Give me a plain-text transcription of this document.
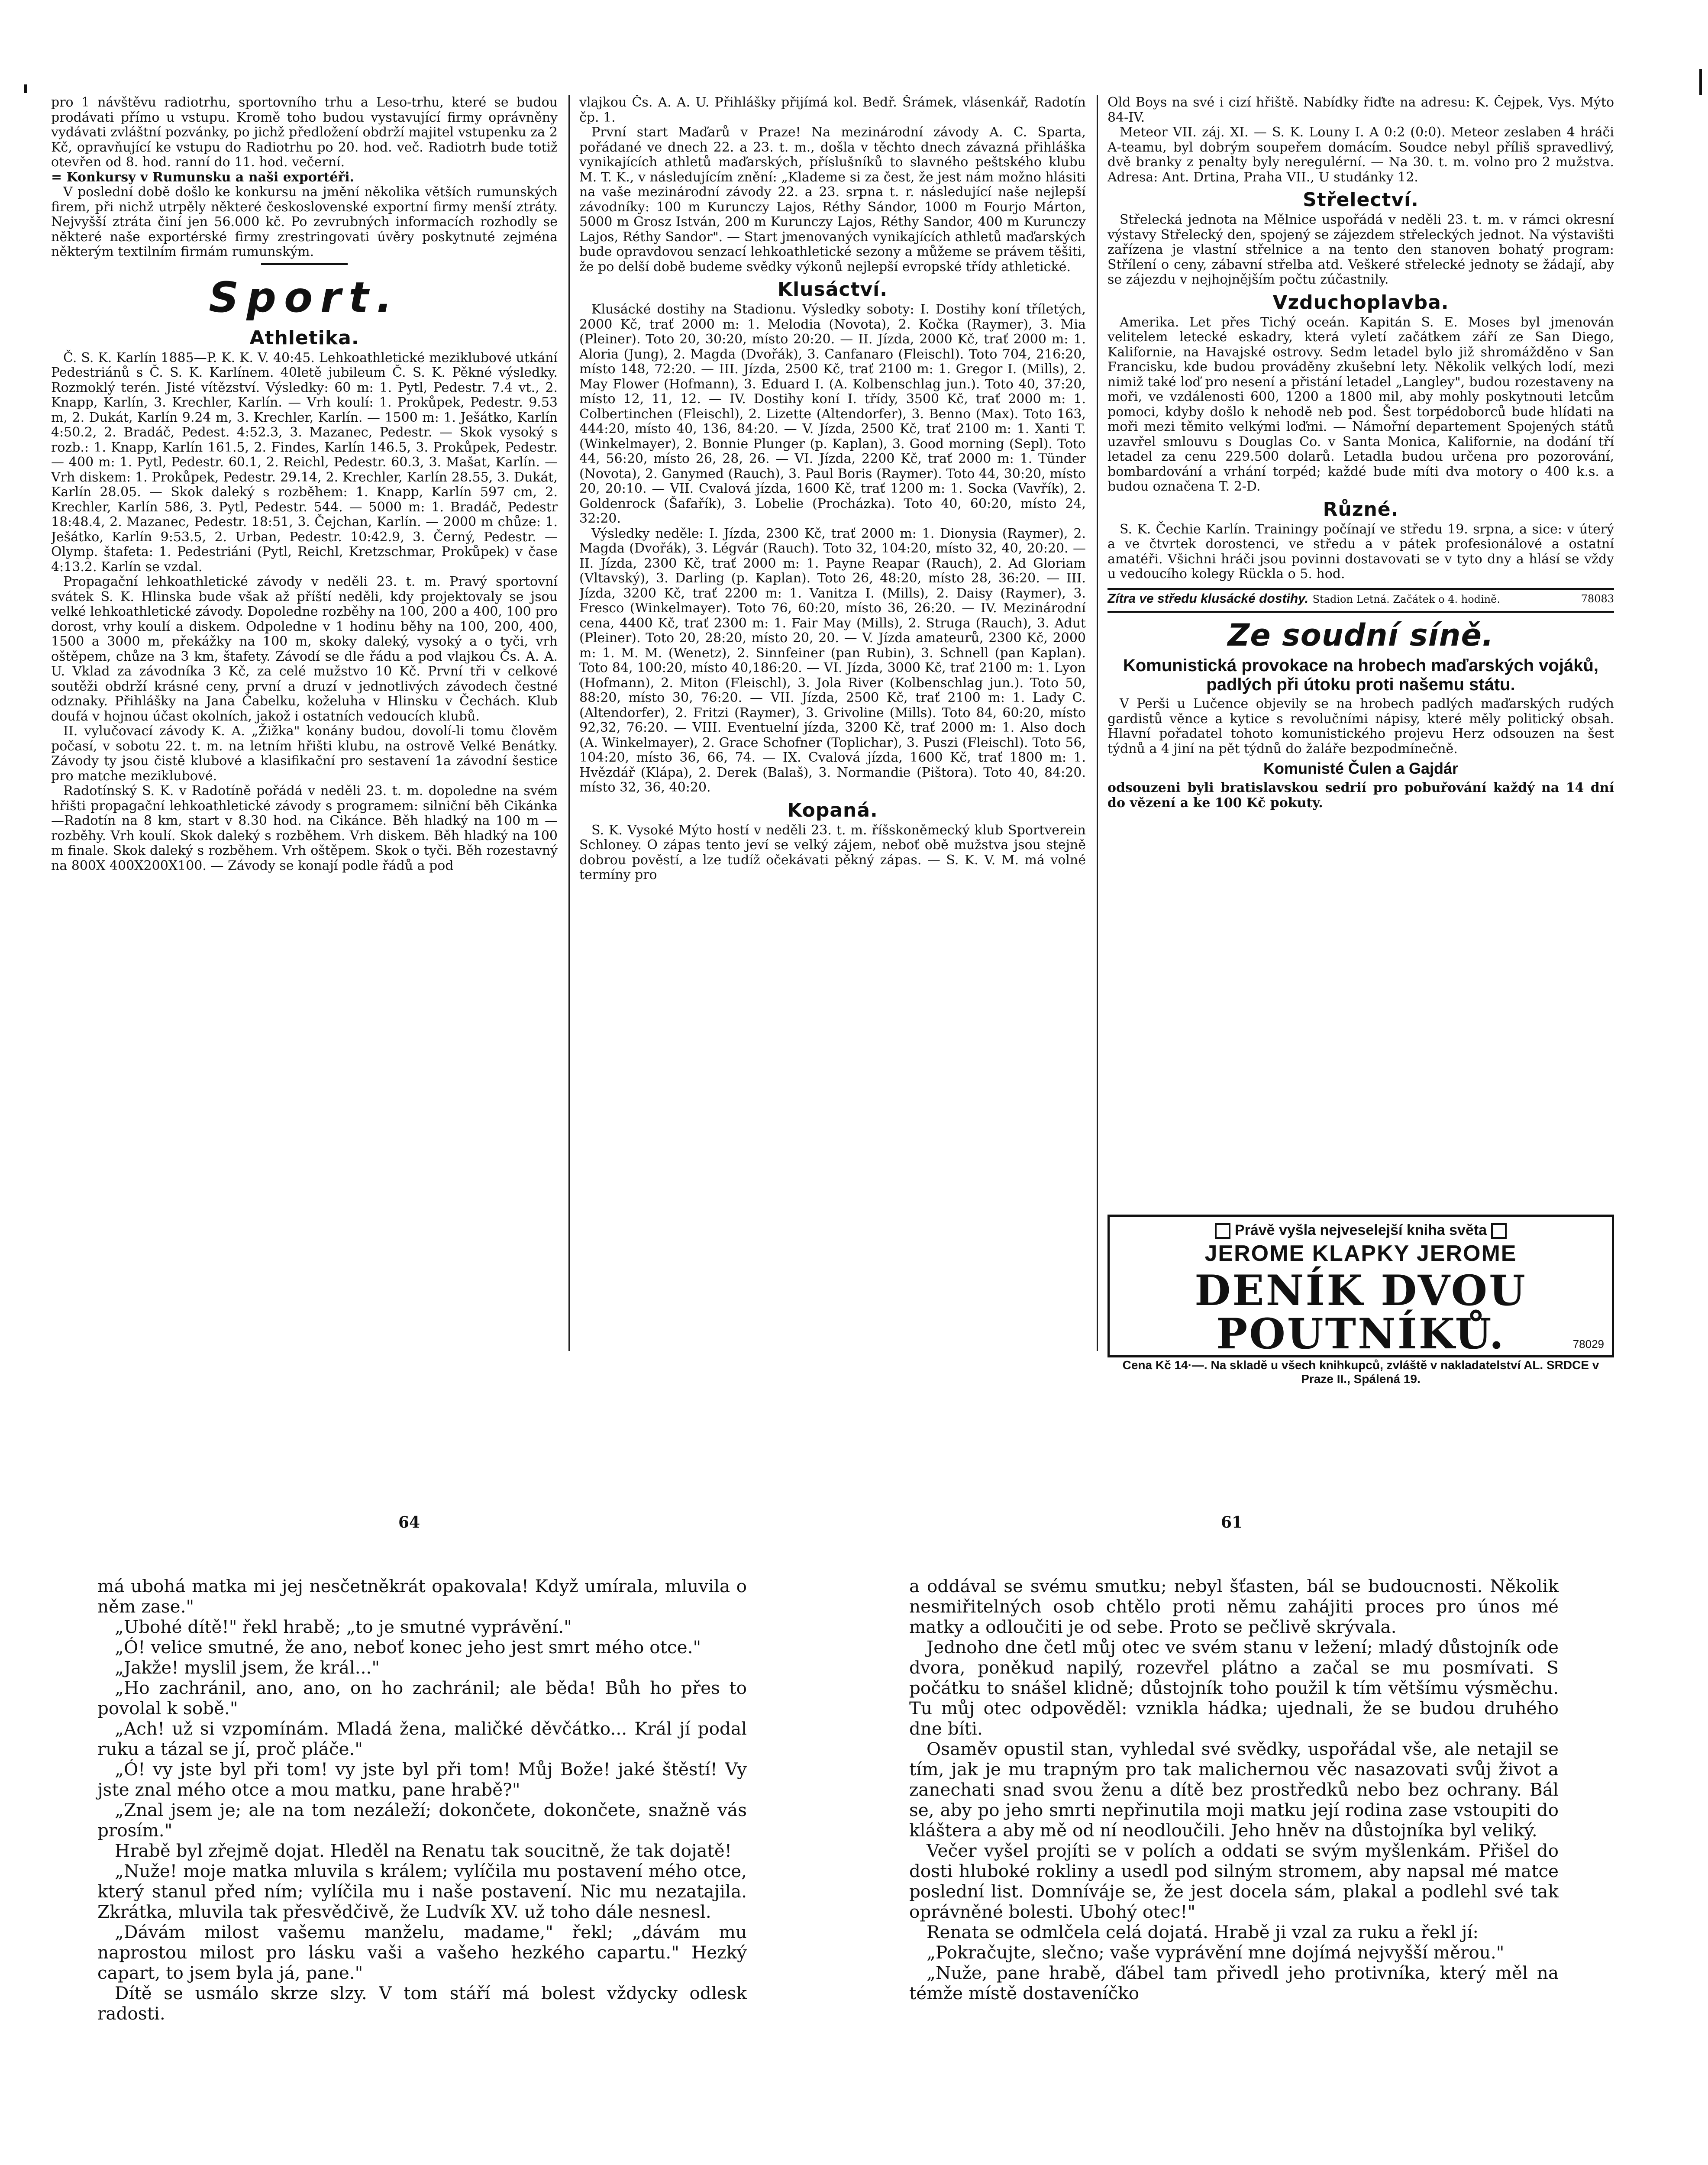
pro 1 návštěvu radiotrhu, sportovního trhu a Leso-trhu, které se budou prodávati přímo u vstupu. Kromě toho budou vystavující firmy oprávněny vydávati zvláštní pozvánky, po jichž předložení obdrží majitel vstupenku za 2 Kč, opravňující ke vstupu do Radiotrhu po 20. hod. več. Radiotrh bude totiž otevřen od 8. hod. ranní do 11. hod. večerní.

= Konkursy v Rumunsku a naši exportéři.

V poslední době došlo ke konkursu na jmění několika větších rumunských firem, při nichž utrpěly některé československé exportní firmy menší ztráty. Nejvyšší ztráta činí jen 56.000 kč. Po zevrubných informacích rozhodly se některé naše exportérské firmy zrestringovati úvěry poskytnuté zejména některým textilním firmám rumunským.

Sport.
Athletika.

Č. S. K. Karlín 1885—P. K. K. V. 40:45. Lehkoathletické meziklubové utkání Pedestriánů s Č. S. K. Karlínem. 40letě jubileum Č. S. K. Pěkné výsledky. Rozmoklý terén. Jisté vítězství. Výsledky: 60 m: 1. Pytl, Pedestr. 7.4 vt., 2. Knapp, Karlín, 3. Krechler, Karlín. — Vrh koulí: 1. Prokůpek, Pedestr. 9.53 m, 2. Dukát, Karlín 9.24 m, 3. Krechler, Karlín. — 1500 m: 1. Ješátko, Karlín 4:50.2, 2. Bradáč, Pedest. 4:52.3, 3. Mazanec, Pedestr. — Skok vysoký s rozb.: 1. Knapp, Karlín 161.5, 2. Findes, Karlín 146.5, 3. Prokůpek, Pedestr. — 400 m: 1. Pytl, Pedestr. 60.1, 2. Reichl, Pedestr. 60.3, 3. Mašat, Karlín. — Vrh diskem: 1. Prokůpek, Pedestr. 29.14, 2. Krechler, Karlín 28.55, 3. Dukát, Karlín 28.05. — Skok daleký s rozběhem: 1. Knapp, Karlín 597 cm, 2. Krechler, Karlín 586, 3. Pytl, Pedestr. 544. — 5000 m: 1. Bradáč, Pedestr 18:48.4, 2. Mazanec, Pedestr. 18:51, 3. Čejchan, Karlín. — 2000 m chůze: 1. Ješátko, Karlín 9:53.5, 2. Urban, Pedestr. 10:42.9, 3. Černý, Pedestr. — Olymp. štafeta: 1. Pedestriáni (Pytl, Reichl, Kretzschmar, Prokůpek) v čase 4:13.2. Karlín se vzdal.

Propagační lehkoathletické závody v neděli 23. t. m. Pravý sportovní svátek S. K. Hlinska bude však až příští neděli, kdy projektovaly se jsou velké lehkoathletické závody. Dopoledne rozběhy na 100, 200 a 400, 100 pro dorost, vrhy koulí a diskem. Odpoledne v 1 hodinu běhy na 100, 200, 400, 1500 a 3000 m, překážky na 100 m, skoky daleký, vysoký a o tyči, vrh oštěpem, chůze na 3 km, štafety. Závodí se dle řádu a pod vlajkou Čs. A. A. U. Vklad za závodníka 3 Kč, za celé mužstvo 10 Kč. První tři v celkové soutěži obdrží krásné ceny, první a druzí v jednotlivých závodech čestné odznaky. Přihlášky na Jana Čabelku, koželuha v Hlinsku v Čechách. Klub doufá v hojnou účast okolních, jakož i ostatních vedoucích klubů.

II. vylučovací závody K. A. „Žižka" konány budou, dovolí-li tomu člověm počasí, v sobotu 22. t. m. na letním hřišti klubu, na ostrově Velké Benátky. Závody ty jsou čistě klubové a klasifikační pro sestavení 1a závodní šestice pro matche meziklubové.

Radotínský S. K. v Radotíně pořádá v neděli 23. t. m. dopoledne na svém hřišti propagační lehkoathletické závody s programem: silniční běh Cikánka—Radotín na 8 km, start v 8.30 hod. na Cikánce. Běh hladký na 100 m — rozběhy. Vrh koulí. Skok daleký s rozběhem. Vrh diskem. Běh hladký na 100 m finale. Skok daleký s rozběhem. Vrh oštěpem. Skok o tyči. Běh rozestavný na 800X 400X200X100. — Závody se konají podle řádů a pod

vlajkou Čs. A. A. U. Přihlášky přijímá kol. Bedř. Šrámek, vlásenkář, Radotín čp. 1.

První start Maďarů v Praze! Na mezinárodní závody A. C. Sparta, pořádané ve dnech 22. a 23. t. m., došla v těchto dnech závazná přihláška vynikajících athletů maďarských, příslušníků to slavného peštského klubu M. T. K., v následujícím znění: „Klademe si za čest, že jest nám možno hlásiti na vaše mezinárodní závody 22. a 23. srpna t. r. následující naše nejlepší závodníky: 100 m Kurunczy Lajos, Réthy Sándor, 1000 m Fourjo Márton, 5000 m Grosz István, 200 m Kurunczy Lajos, Réthy Sandor, 400 m Kurunczy Lajos, Réthy Sandor". — Start jmenovaných vynikajících athletů maďarských bude opravdovou senzací lehkoathletické sezony a můžeme se právem těšiti, že po delší době budeme svědky výkonů nejlepší evropské třídy athletické.

Klusáctví.

Klusácké dostihy na Stadionu. Výsledky soboty: I. Dostihy koní tříletých, 2000 Kč, trať 2000 m: 1. Melodia (Novota), 2. Kočka (Raymer), 3. Mia (Pleiner). Toto 20, 30:20, místo 20:20. — II. Jízda, 2000 Kč, trať 2000 m: 1. Aloria (Jung), 2. Magda (Dvořák), 3. Canfanaro (Fleischl). Toto 704, 216:20, místo 148, 72:20. — III. Jízda, 2500 Kč, trať 2100 m: 1. Gregor I. (Mills), 2. May Flower (Hofmann), 3. Eduard I. (A. Kolbenschlag jun.). Toto 40, 37:20, místo 12, 11, 12. — IV. Dostihy koní I. třídy, 3500 Kč, trať 2000 m: 1. Colbertinchen (Fleischl), 2. Lizette (Altendorfer), 3. Benno (Max). Toto 163, 444:20, místo 40, 136, 84:20. — V. Jízda, 2500 Kč, trať 2100 m: 1. Xanti T. (Winkelmayer), 2. Bonnie Plunger (p. Kaplan), 3. Good morning (Sepl). Toto 44, 56:20, místo 26, 28, 26. — VI. Jízda, 2200 Kč, trať 2000 m: 1. Tünder (Novota), 2. Ganymed (Rauch), 3. Paul Boris (Raymer). Toto 44, 30:20, místo 20, 20:10. — VII. Cvalová jízda, 1600 Kč, trať 1200 m: 1. Socka (Vavřík), 2. Goldenrock (Šafařík), 3. Lobelie (Procházka). Toto 40, 60:20, místo 24, 32:20.

Výsledky neděle: I. Jízda, 2300 Kč, trať 2000 m: 1. Dionysia (Raymer), 2. Magda (Dvořák), 3. Légvár (Rauch). Toto 32, 104:20, místo 32, 40, 20:20. — II. Jízda, 2300 Kč, trať 2000 m: 1. Payne Reapar (Rauch), 2. Ad Gloriam (Vltavský), 3. Darling (p. Kaplan). Toto 26, 48:20, místo 28, 36:20. — III. Jízda, 3200 Kč, trať 2200 m: 1. Vanitza I. (Mills), 2. Daisy (Raymer), 3. Fresco (Winkelmayer). Toto 76, 60:20, místo 36, 26:20. — IV. Mezinárodní cena, 4400 Kč, trať 2300 m: 1. Fair May (Mills), 2. Struga (Rauch), 3. Adut (Pleiner). Toto 20, 28:20, místo 20, 20. — V. Jízda amateurů, 2300 Kč, 2000 m: 1. M. M. (Wenetz), 2. Sinnfeiner (pan Rubin), 3. Schnell (pan Kaplan). Toto 84, 100:20, místo 40,186:20. — VI. Jízda, 3000 Kč, trať 2100 m: 1. Lyon (Hofmann), 2. Miton (Fleischl), 3. Jola River (Kolbenschlag jun.). Toto 50, 88:20, místo 30, 76:20. — VII. Jízda, 2500 Kč, trať 2100 m: 1. Lady C. (Altendorfer), 2. Fritzi (Raymer), 3. Grivoline (Mills). Toto 84, 60:20, místo 92,32, 76:20. — VIII. Eventuelní jízda, 3200 Kč, trať 2000 m: 1. Also doch (A. Winkelmayer), 2. Grace Schofner (Toplichar), 3. Puszi (Fleischl). Toto 56, 104:20, místo 36, 66, 74. — IX. Cvalová jízda, 1600 Kč, trať 1800 m: 1. Hvězdář (Klápa), 2. Derek (Balaš), 3. Normandie (Pištora). Toto 40, 84:20. místo 32, 36, 40:20.

Kopaná.

S. K. Vysoké Mýto hostí v neděli 23. t. m. říšskoněmecký klub Sportverein Schloney. O zápas tento jeví se velký zájem, neboť obě mužstva jsou stejně dobrou pověstí, a lze tudíž očekávati pěkný zápas. — S. K. V. M. má volné termíny pro

Old Boys na své i cizí hřiště. Nabídky řiďte na adresu: K. Čejpek, Vys. Mýto 84-IV.

Meteor VII. záj. XI. — S. K. Louny I. A 0:2 (0:0). Meteor zeslaben 4 hráči A-teamu, byl dobrým soupeřem domácím. Soudce nebyl příliš spravedlivý, dvě branky z penalty byly neregulérní. — Na 30. t. m. volno pro 2 mužstva. Adresa: Ant. Drtina, Praha VII., U studánky 12.

Střelectví.

Střelecká jednota na Mělnice uspořádá v neděli 23. t. m. v rámci okresní výstavy Střelecký den, spojený se zájezdem střeleckých jednot. Na výstavišti zařízena je vlastní střelnice a na tento den stanoven bohatý program: Střílení o ceny, zábavní střelba atd. Veškeré střelecké jednoty se žádají, aby se zájezdu v nejhojnějším počtu zúčastnily.

Vzduchoplavba.

Amerika. Let přes Tichý oceán. Kapitán S. E. Moses byl jmenován velitelem letecké eskadry, která vyletí začátkem září ze San Diego, Kalifornie, na Havajské ostrovy. Sedm letadel bylo již shromážděno v San Francisku, kde budou prováděny zkušební lety. Několik velkých lodí, mezi nimiž také loď pro nesení a přistání letadel „Langley", budou rozestaveny na moři, ve vzdálenosti 600, 1200 a 1800 mil, aby mohly poskytnouti letcům pomoci, kdyby došlo k nehodě neb pod. Šest torpédoborců bude hlídati na moři mezi těmito velkými loďmi. — Námořní departement Spojených států uzavřel smlouvu s Douglas Co. v Santa Monica, Kalifornie, na dodání tří letadel za cenu 229.500 dolarů. Letadla budou určena pro pozorování, bombardování a vrhání torpéd; každé bude míti dva motory o 400 k.s. a budou označena T. 2-D.

Různé.

S. K. Čechie Karlín. Trainingy počínají ve středu 19. srpna, a sice: v úterý a ve čtvrtek dorostenci, ve středu a v pátek profesionálové a ostatní amatéři. Všichni hráči jsou povinni dostavovati se v tyto dny a hlásí se vždy u vedoucího kolegy Rückla o 5. hod.

Zítra ve středu klusácké dostihy. Stadion Letná. Začátek o 4. hodině.	78083
Ze soudní síně.
Komunistická provokace na hrobech maďarských vojáků, padlých při útoku proti našemu státu.

V Perši u Lučence objevily se na hrobech padlých maďarských rudých gardistů věnce a kytice s revolučními nápisy, které měly politický obsah. Hlavní pořadatel tohoto komunistického projevu Herz odsouzen na šest týdnů a 4 jiní na pět týdnů do žaláře bezpodmínečně.

Komunisté Čulen a Gajdár

odsouzeni byli bratislavskou sedrií pro pobuřování každý na 14 dní do vězení a ke 100 Kč pokuty.

Právě vyšla nejveselejší kniha světa
JEROME KLAPKY JEROME
DENÍK DVOU POUTNÍKŮ.
Cena Kč 14·—. Na skladě u všech knihkupců, zvláště v nakladatelství AL. SRDCE v Praze II., Spálená 19.
78029
64	61

má ubohá matka mi jej nesčetněkrát opakovala! Když umírala, mluvila o něm zase."

„Ubohé dítě!" řekl hrabě; „to je smutné vyprávění."

„Ó! velice smutné, že ano, neboť konec jeho jest smrt mého otce."

„Jakže! myslil jsem, že král..."

„Ho zachránil, ano, ano, on ho zachránil; ale běda! Bůh ho přes to povolal k sobě."

„Ach! už si vzpomínám. Mladá žena, maličké děvčátko... Král jí podal ruku a tázal se jí, proč pláče."

„Ó! vy jste byl při tom! vy jste byl při tom! Můj Bože! jaké štěstí! Vy jste znal mého otce a mou matku, pane hrabě?"

„Znal jsem je; ale na tom nezáleží; dokončete, dokončete, snažně vás prosím."

Hrabě byl zřejmě dojat. Hleděl na Renatu tak soucitně, že tak dojatě!

„Nuže! moje matka mluvila s králem; vylíčila mu postavení mého otce, který stanul před ním; vylíčila mu i naše postavení. Nic mu nezatajila. Zkrátka, mluvila tak přesvědčivě, že Ludvík XV. už toho dále nesnesl.

„Dávám milost vašemu manželu, madame," řekl; „dávám mu naprostou milost pro lásku vaši a vašeho hezkého capartu." Hezký capart, to jsem byla já, pane."

Dítě se usmálo skrze slzy. V tom stáří má bolest vždycky odlesk radosti.

a oddával se svému smutku; nebyl šťasten, bál se budoucnosti. Několik nesmiřitelných osob chtělo proti němu zahájiti proces pro únos mé matky a odloučiti je od sebe. Proto se pečlivě skrývala.

Jednoho dne četl můj otec ve svém stanu v ležení; mladý důstojník ode dvora, poněkud napilý, rozevřel plátno a začal se mu posmívati. S počátku to snášel klidně; důstojník toho použil k tím většímu výsměchu. Tu můj otec odpověděl: vznikla hádka; ujednali, že se budou druhého dne bíti.

Osaměv opustil stan, vyhledal své svědky, uspořádal vše, ale netajil se tím, jak je mu trapným pro tak malichernou věc nasazovati svůj život a zanechati snad svou ženu a dítě bez prostředků nebo bez ochrany. Bál se, aby po jeho smrti nepřinutila moji matku její rodina zase vstoupiti do kláštera a aby mě od ní neodloučili. Jeho hněv na důstojníka byl veliký.

Večer vyšel projíti se v polích a oddati se svým myšlenkám. Přišel do dosti hluboké rokliny a usedl pod silným stromem, aby napsal mé matce poslední list. Domníváje se, že jest docela sám, plakal a podlehl své tak oprávněné bolesti. Ubohý otec!"

Renata se odmlčela celá dojatá. Hrabě ji vzal za ruku a řekl jí:

„Pokračujte, slečno; vaše vyprávění mne dojímá nejvyšší měrou."

„Nuže, pane hrabě, ďábel tam přivedl jeho protivníka, který měl na témže místě dostaveníčko
